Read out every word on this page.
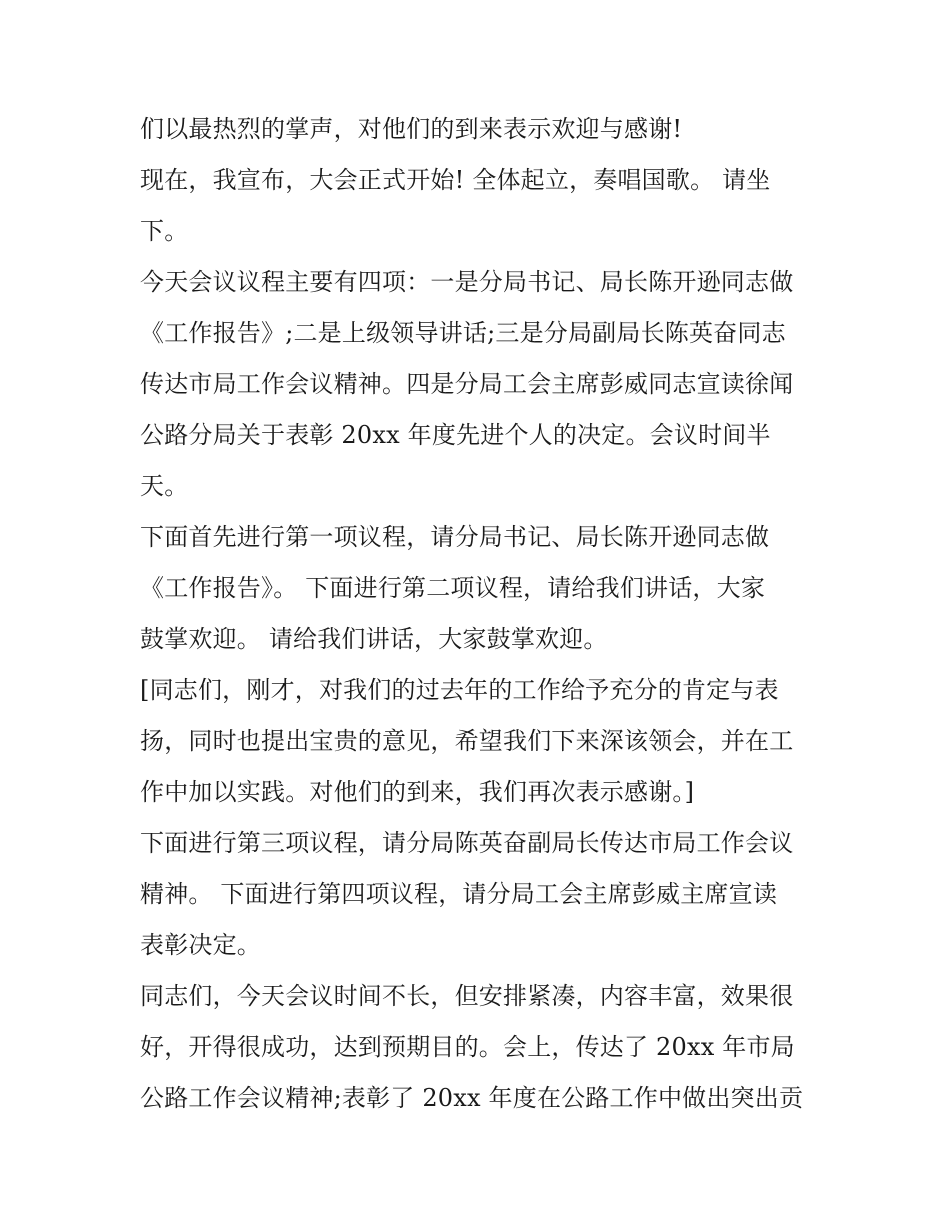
们以最热烈的掌声，对他们的到来表示欢迎与感谢!
现在，我宣布，大会正式开始! 全体起立，奏唱国歌。 请坐
下。
今天会议议程主要有四项：一是分局书记、局长陈开逊同志做
《工作报告》;二是上级领导讲话;三是分局副局长陈英奋同志
传达市局工作会议精神。四是分局工会主席彭威同志宣读徐闻
公路分局关于表彰 20xx 年度先进个人的决定。会议时间半
天。
下面首先进行第一项议程，请分局书记、局长陈开逊同志做
《工作报告》。 下面进行第二项议程，请给我们讲话，大家
鼓掌欢迎。 请给我们讲话，大家鼓掌欢迎。
[同志们，刚才，对我们的过去年的工作给予充分的肯定与表
扬，同时也提出宝贵的意见，希望我们下来深该领会，并在工
作中加以实践。对他们的到来，我们再次表示感谢。]
下面进行第三项议程，请分局陈英奋副局长传达市局工作会议
精神。 下面进行第四项议程，请分局工会主席彭威主席宣读
表彰决定。
同志们，今天会议时间不长，但安排紧凑，内容丰富，效果很
好，开得很成功，达到预期目的。会上，传达了 20xx 年市局
公路工作会议精神;表彰了 20xx 年度在公路工作中做出突出贡
